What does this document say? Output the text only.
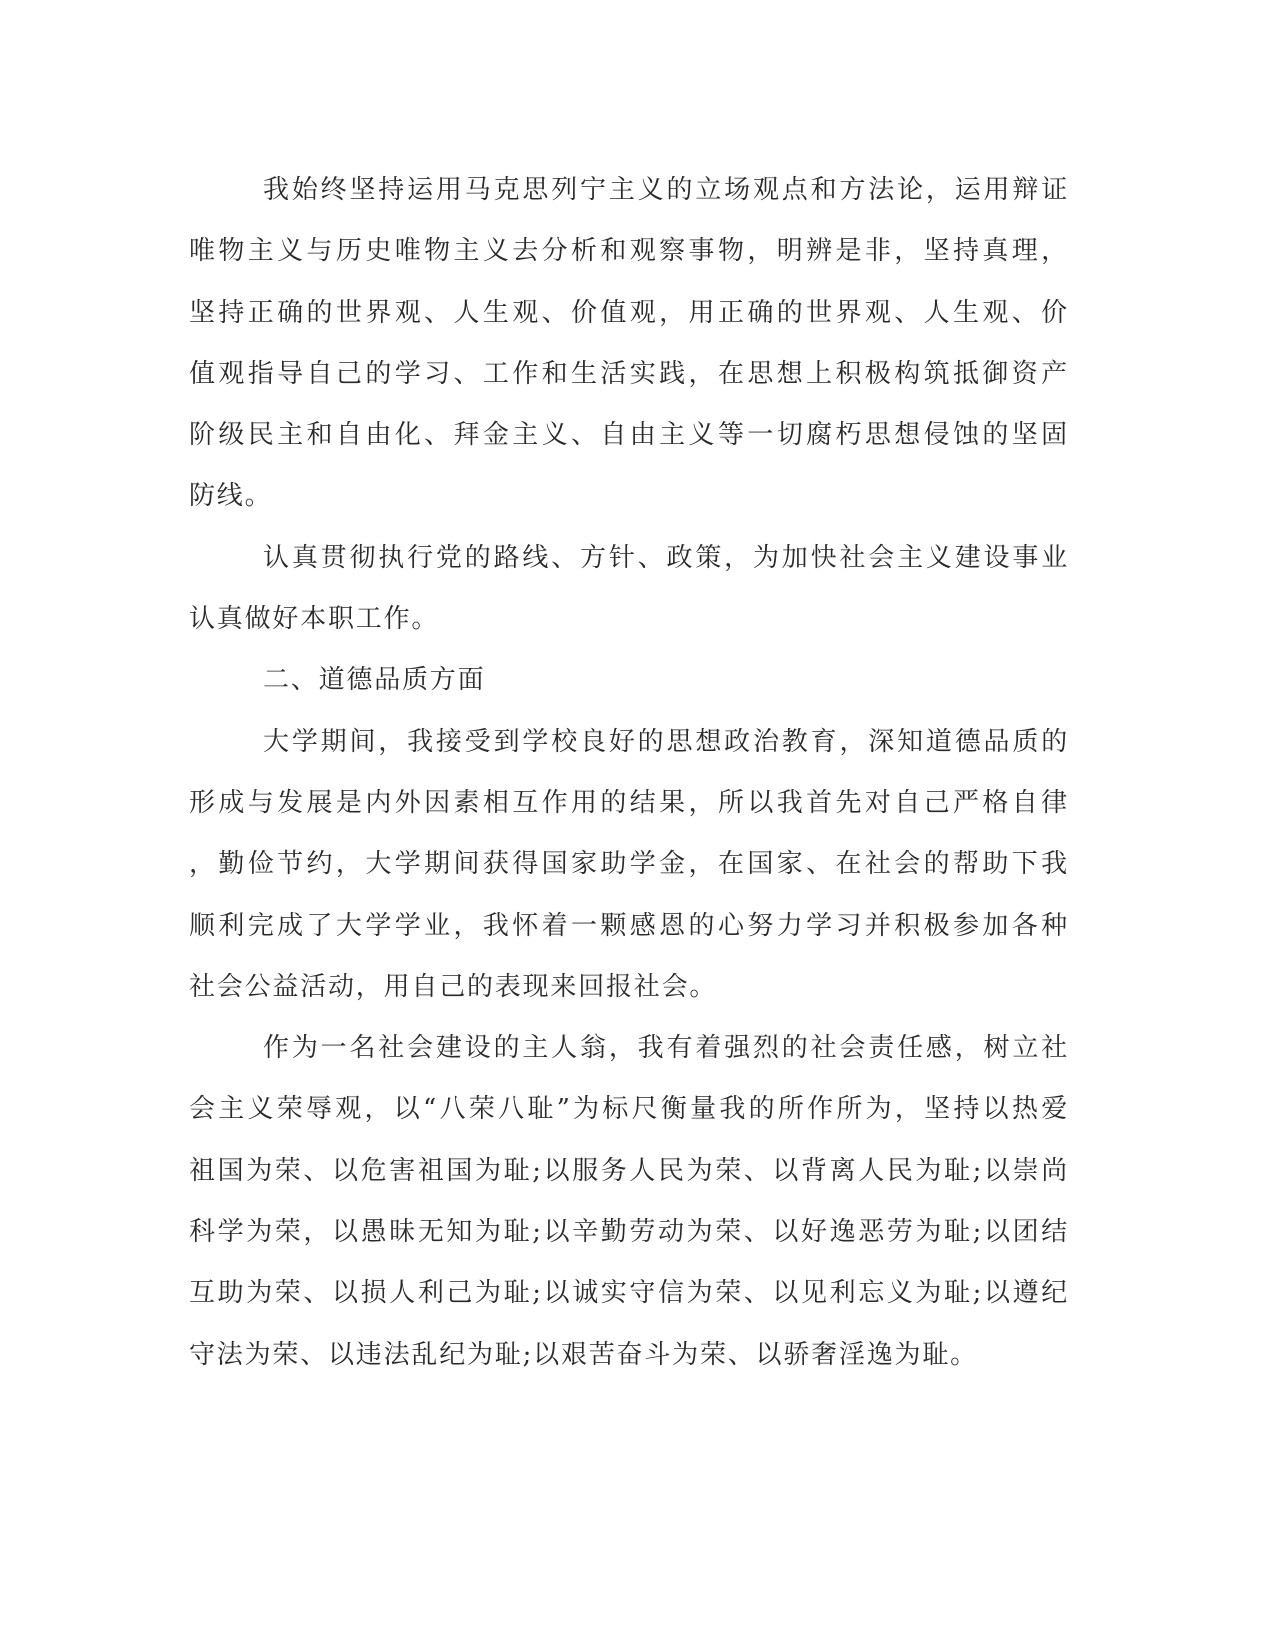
我始终坚持运用马克思列宁主义的立场观点和方法论，运用辩证
唯物主义与历史唯物主义去分析和观察事物，明辨是非，坚持真理，
坚持正确的世界观、人生观、价值观，用正确的世界观、人生观、价
值观指导自己的学习、工作和生活实践，在思想上积极构筑抵御资产
阶级民主和自由化、拜金主义、自由主义等一切腐朽思想侵蚀的坚固
防线。
认真贯彻执行党的路线、方针、政策，为加快社会主义建设事业
认真做好本职工作。
二、道德品质方面
大学期间，我接受到学校良好的思想政治教育，深知道德品质的
形成与发展是内外因素相互作用的结果，所以我首先对自己严格自律
，勤俭节约，大学期间获得国家助学金，在国家、在社会的帮助下我
顺利完成了大学学业，我怀着一颗感恩的心努力学习并积极参加各种
社会公益活动，用自己的表现来回报社会。
作为一名社会建设的主人翁，我有着强烈的社会责任感，树立社
会主义荣辱观，以“八荣八耻”为标尺衡量我的所作所为，坚持以热爱
祖国为荣、以危害祖国为耻;以服务人民为荣、以背离人民为耻;以崇尚
科学为荣，以愚昧无知为耻;以辛勤劳动为荣、以好逸恶劳为耻;以团结
互助为荣、以损人利己为耻;以诚实守信为荣、以见利忘义为耻;以遵纪
守法为荣、以违法乱纪为耻;以艰苦奋斗为荣、以骄奢淫逸为耻。
